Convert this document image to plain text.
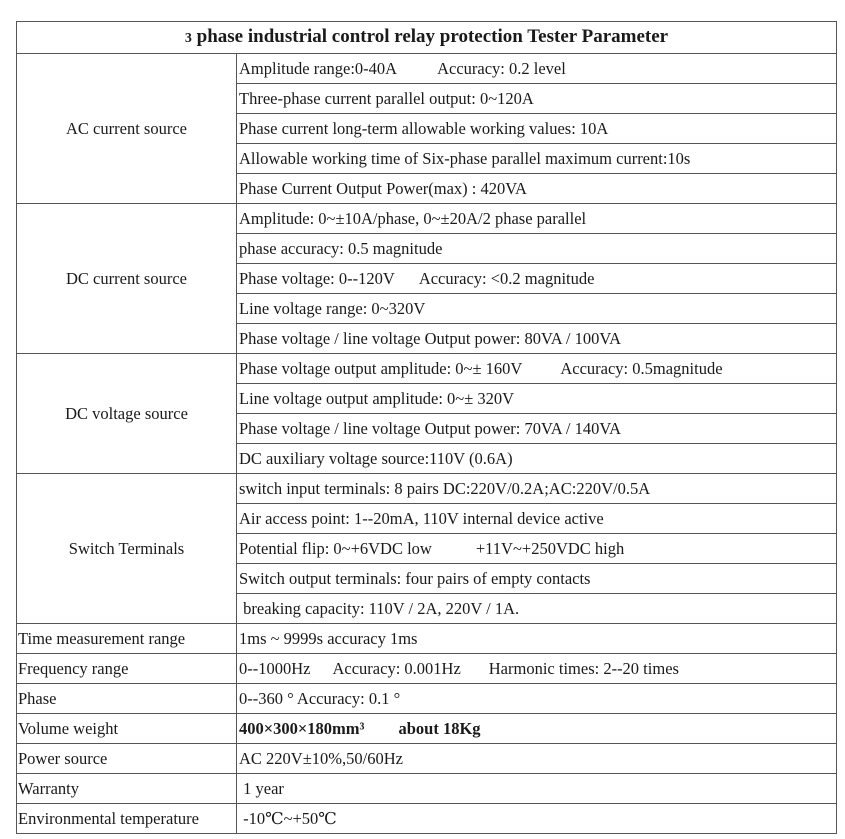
3 phase industrial control relay protection Tester Parameter	
AC current source	Amplitude range:0-40A Accuracy: 0.2 level
	Three-phase current parallel output: 0~120A
	Phase current long-term allowable working values: 10A
	Allowable working time of Six-phase parallel maximum current:10s
	Phase Current Output Power(max) : 420VA
DC current source	Amplitude: 0~±10A/phase, 0~±20A/2 phase parallel
	phase accuracy: 0.5 magnitude
	Phase voltage: 0--120V Accuracy: <0.2 magnitude
	Line voltage range: 0~320V
	Phase voltage / line voltage Output power: 80VA / 100VA
DC voltage source	Phase voltage output amplitude: 0~± 160V Accuracy: 0.5magnitude
	Line voltage output amplitude: 0~± 320V
	Phase voltage / line voltage Output power: 70VA / 140VA
	DC auxiliary voltage source:110V (0.6A)
Switch Terminals	switch input terminals: 8 pairs DC:220V/0.2A;AC:220V/0.5A
	Air access point: 1--20mA, 110V internal device active
	Potential flip: 0~+6VDC low +11V~+250VDC high
	Switch output terminals: four pairs of empty contacts
	breaking capacity: 110V / 2A, 220V / 1A.
Time measurement range	1ms ~ 9999s accuracy 1ms
Frequency range	0--1000Hz Accuracy: 0.001Hz Harmonic times: 2--20 times
Phase	0--360 ° Accuracy: 0.1 °
Volume weight	400×300×180mm³ about 18Kg
Power source	AC 220V±10%,50/60Hz
Warranty	1 year
Environmental temperature	-10℃~+50℃
